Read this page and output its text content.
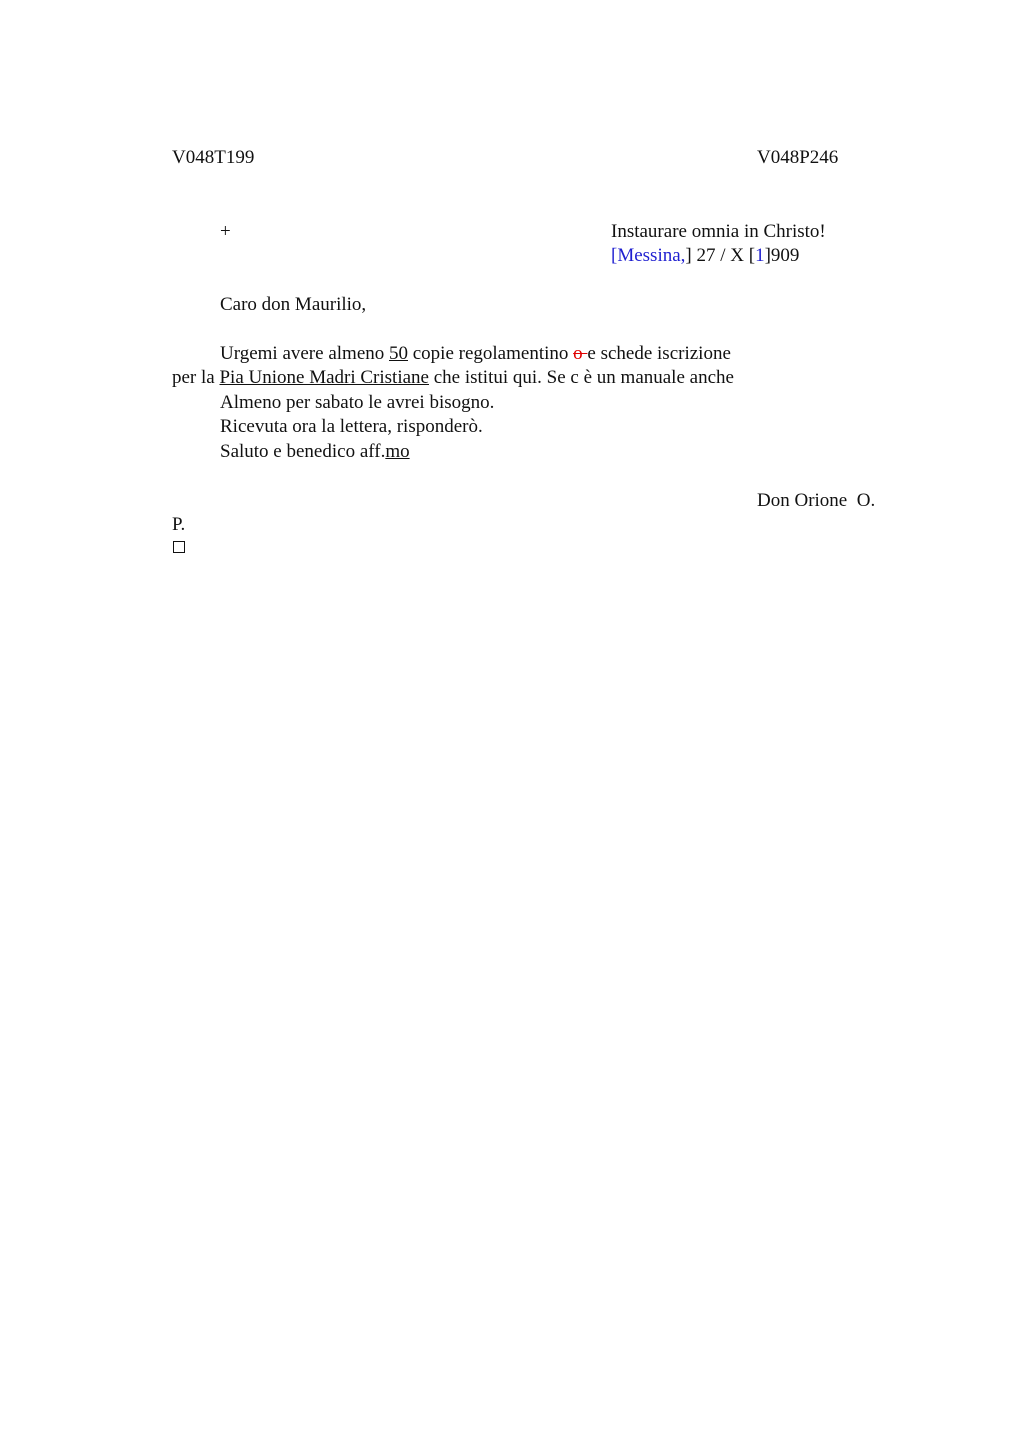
V048T199	V048P246
+	Instaurare omnia in Christo!
[Messina,] 27 / X [1]909
Caro don Maurilio,
Urgemi avere almeno 50 copie regolamentino o e schede iscrizione
per la Pia Unione Madri Cristiane che istitui qui. Se c è un manuale anche
Almeno per sabato le avrei bisogno.
Ricevuta ora la lettera, risponderò.
Saluto e benedico aff.mo
Don Orione  O.
P.
